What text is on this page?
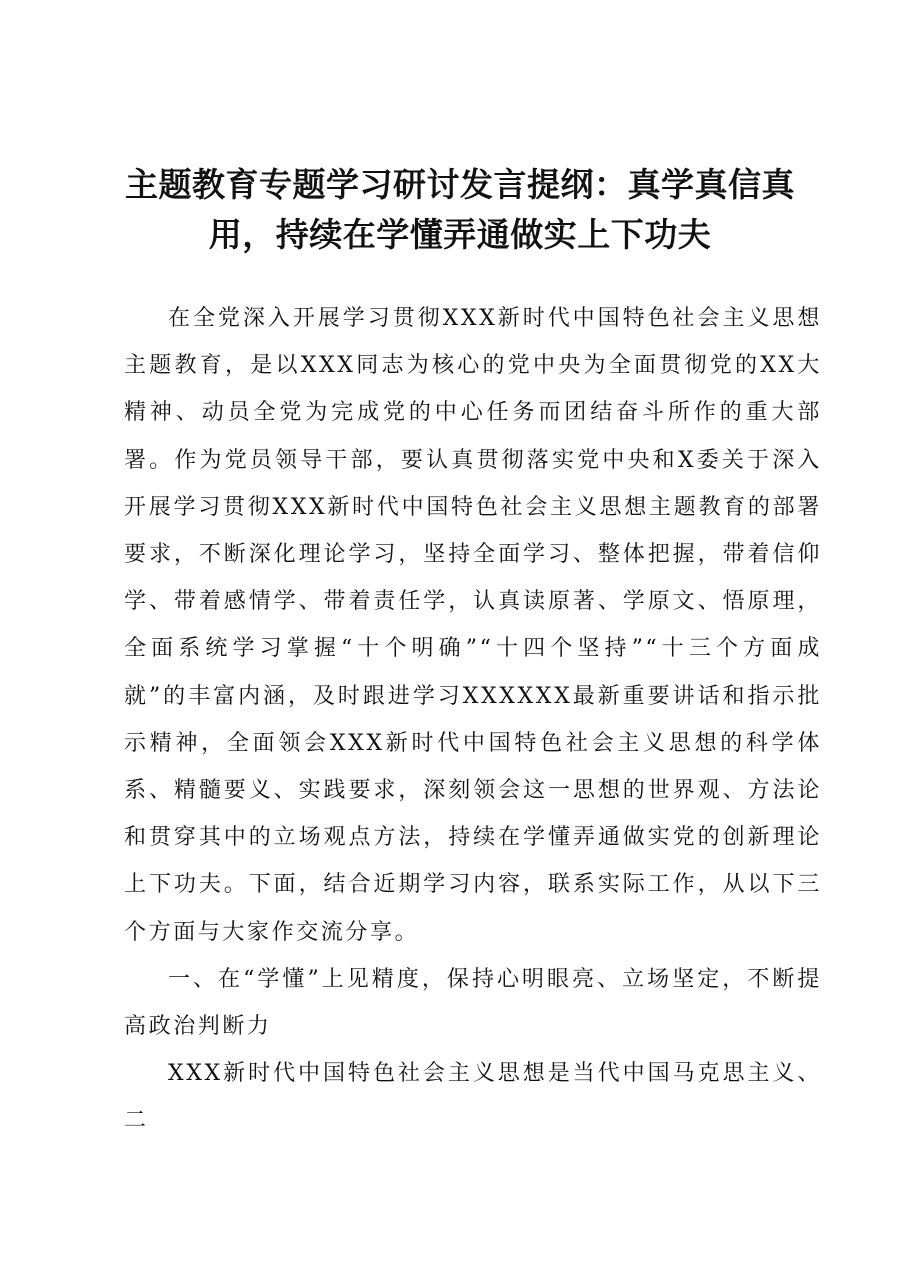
主题教育专题学习研讨发言提纲：真学真信真用，持续在学懂弄通做实上下功夫

在全党深入开展学习贯彻XXX新时代中国特色社会主义思想主题教育，是以XXX同志为核心的党中央为全面贯彻党的XX大精神、动员全党为完成党的中心任务而团结奋斗所作的重大部署。作为党员领导干部，要认真贯彻落实党中央和X委关于深入开展学习贯彻XXX新时代中国特色社会主义思想主题教育的部署要求，不断深化理论学习，坚持全面学习、整体把握，带着信仰学、带着感情学、带着责任学，认真读原著、学原文、悟原理，全面系统学习掌握“十个明确”“十四个坚持”“十三个方面成就”的丰富内涵，及时跟进学习XXXXXX最新重要讲话和指示批示精神，全面领会XXX新时代中国特色社会主义思想的科学体系、精髓要义、实践要求，深刻领会这一思想的世界观、方法论和贯穿其中的立场观点方法，持续在学懂弄通做实党的创新理论上下功夫。下面，结合近期学习内容，联系实际工作，从以下三个方面与大家作交流分享。

一、在“学懂”上见精度，保持心明眼亮、立场坚定，不断提高政治判断力

XXX新时代中国特色社会主义思想是当代中国马克思主义、二
